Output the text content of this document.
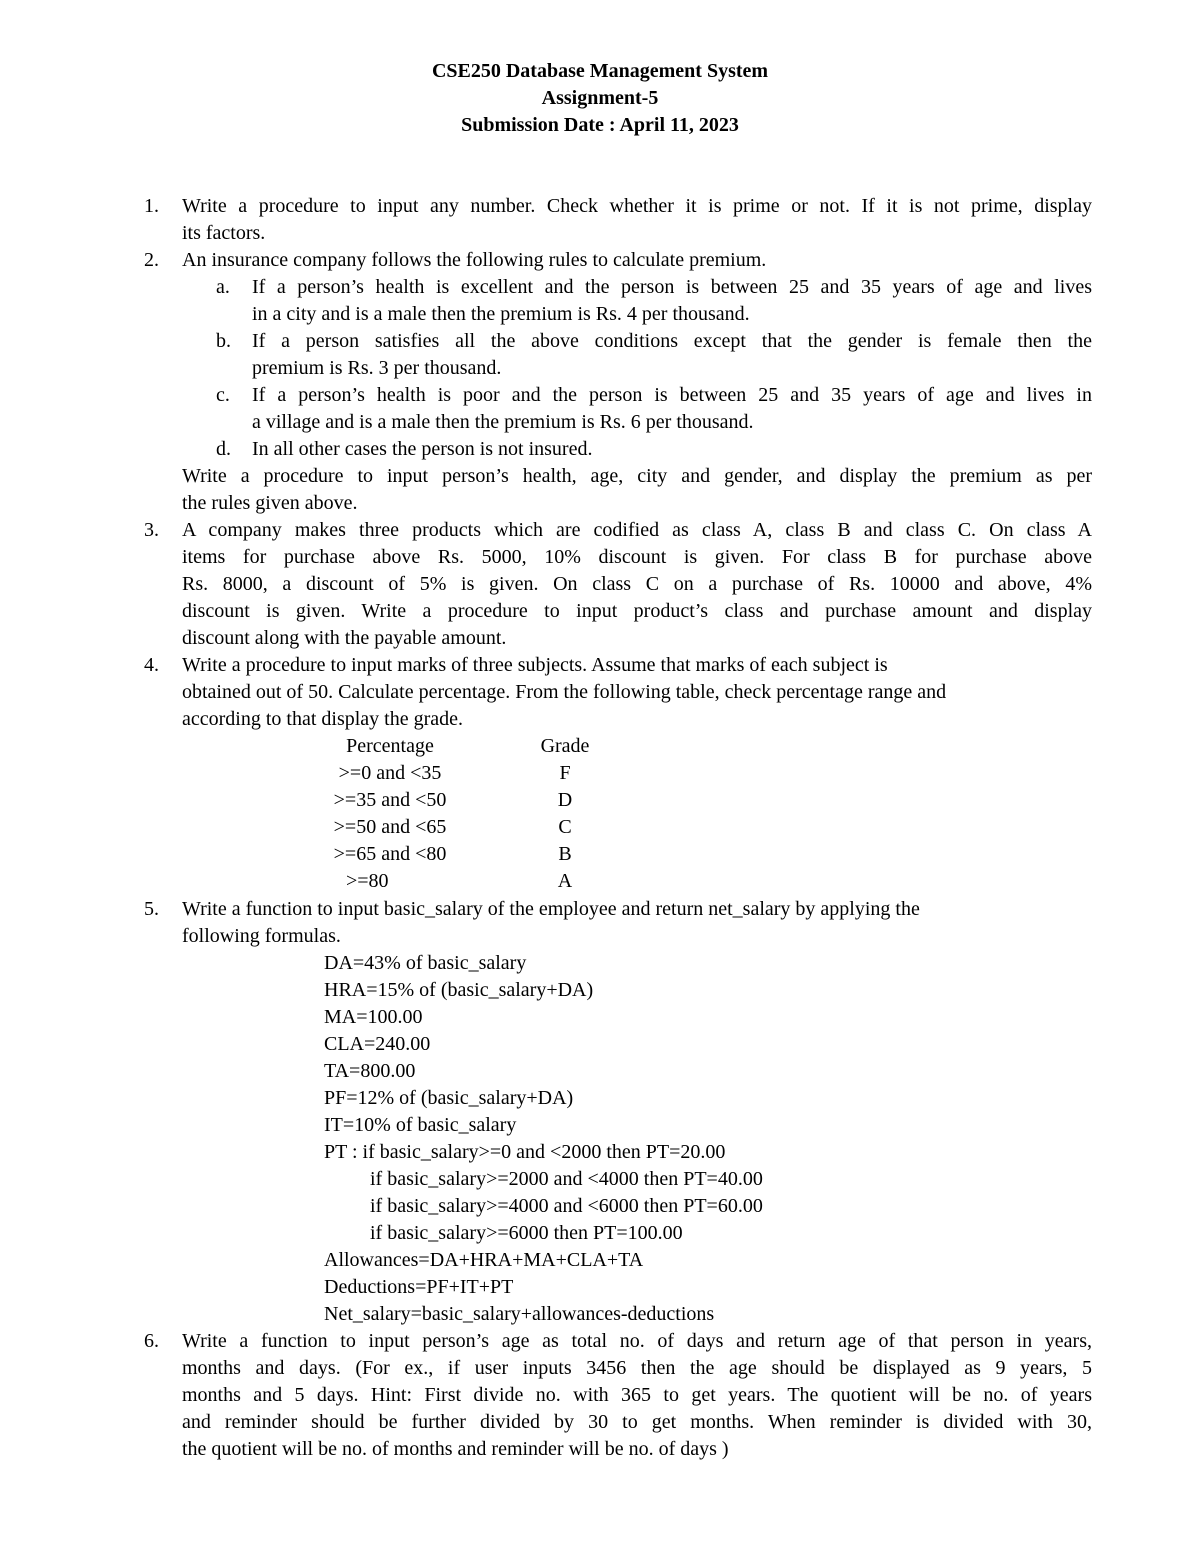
CSE250 Database Management System
Assignment-5
Submission Date : April 11, 2023
1. Write a procedure to input any number. Check whether it is prime or not. If it is not prime, display
its factors.
2. An insurance company follows the following rules to calculate premium.
a. If a person’s health is excellent and the person is between 25 and 35 years of age and lives
in a city and is a male then the premium is Rs. 4 per thousand.
b. If a person satisfies all the above conditions except that the gender is female then the
premium is Rs. 3 per thousand.
c. If a person’s health is poor and the person is between 25 and 35 years of age and lives in
a village and is a male then the premium is Rs. 6 per thousand.
d. In all other cases the person is not insured.
Write a procedure to input person’s health, age, city and gender, and display the premium as per
the rules given above.
3. A company makes three products which are codified as class A, class B and class C. On class A
items for purchase above Rs. 5000, 10% discount is given. For class B for purchase above
Rs. 8000, a discount of 5% is given. On class C on a purchase of Rs. 10000 and above, 4%
discount is given. Write a procedure to input product’s class and purchase amount and display
discount along with the payable amount.
4. Write a procedure to input marks of three subjects. Assume that marks of each subject is
obtained out of 50. Calculate percentage. From the following table, check percentage range and
according to that display the grade.
Percentage	Grade
>=0 and <35	F
>=35 and <50	D
>=50 and <65	C
>=65 and <80	B
>=80	A
5. Write a function to input basic_salary of the employee and return net_salary by applying the
following formulas.
DA=43% of basic_salary
HRA=15% of (basic_salary+DA)
MA=100.00
CLA=240.00
TA=800.00
PF=12% of (basic_salary+DA)
IT=10% of basic_salary
PT : if basic_salary>=0 and <2000 then PT=20.00
if basic_salary>=2000 and <4000 then PT=40.00
if basic_salary>=4000 and <6000 then PT=60.00
if basic_salary>=6000 then PT=100.00
Allowances=DA+HRA+MA+CLA+TA
Deductions=PF+IT+PT
Net_salary=basic_salary+allowances-deductions
6. Write a function to input person’s age as total no. of days and return age of that person in years,
months and days. (For ex., if user inputs 3456 then the age should be displayed as 9 years, 5
months and 5 days. Hint: First divide no. with 365 to get years. The quotient will be no. of years
and reminder should be further divided by 30 to get months. When reminder is divided with 30,
the quotient will be no. of months and reminder will be no. of days )
